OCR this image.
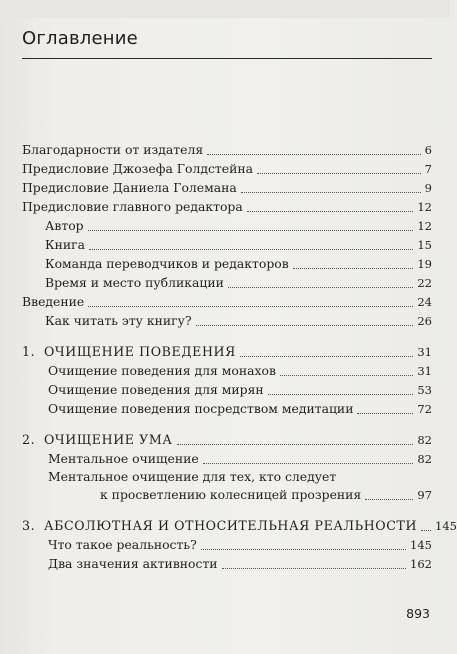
Оглавление
Благодарности от издателя	6
Предисловие Джозефа Голдстейна	7
Предисловие Даниела Големана	9
Предисловие главного редактора	12
Автор	12
Книга	15
Команда переводчиков и редакторов	19
Время и место публикации	22
Введение	24
Как читать эту книгу?	26
1. ОЧИЩЕНИЕ ПОВЕДЕНИЯ	31
Очищение поведения для монахов	31
Очищение поведения для мирян	53
Очищение поведения посредством медитации	72
2. ОЧИЩЕНИЕ УМА	82
Ментальное очищение	82
Ментальное очищение для тех, кто следует
к просветлению колесницей прозрения	97
3. АБСОЛЮТНАЯ И ОТНОСИТЕЛЬНАЯ РЕАЛЬНОСТИ 145
Что такое реальность?	145
Два значения активности	162
893
